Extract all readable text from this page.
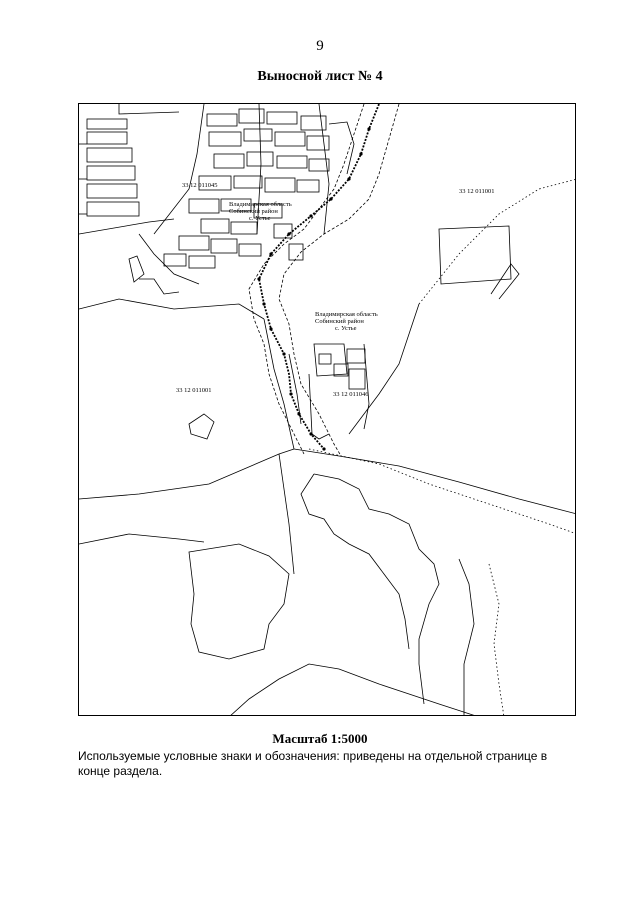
9
Выносной лист № 4
33 12 011045
33 12 011001
33 12 011001
33 12 011046
Владимирская область
Собинский район
с. Устье
Владимирская область
Собинский район
с. Устье
Масштаб 1:5000
Используемые условные знаки и обозначения: приведены на отдельной странице в конце раздела.
